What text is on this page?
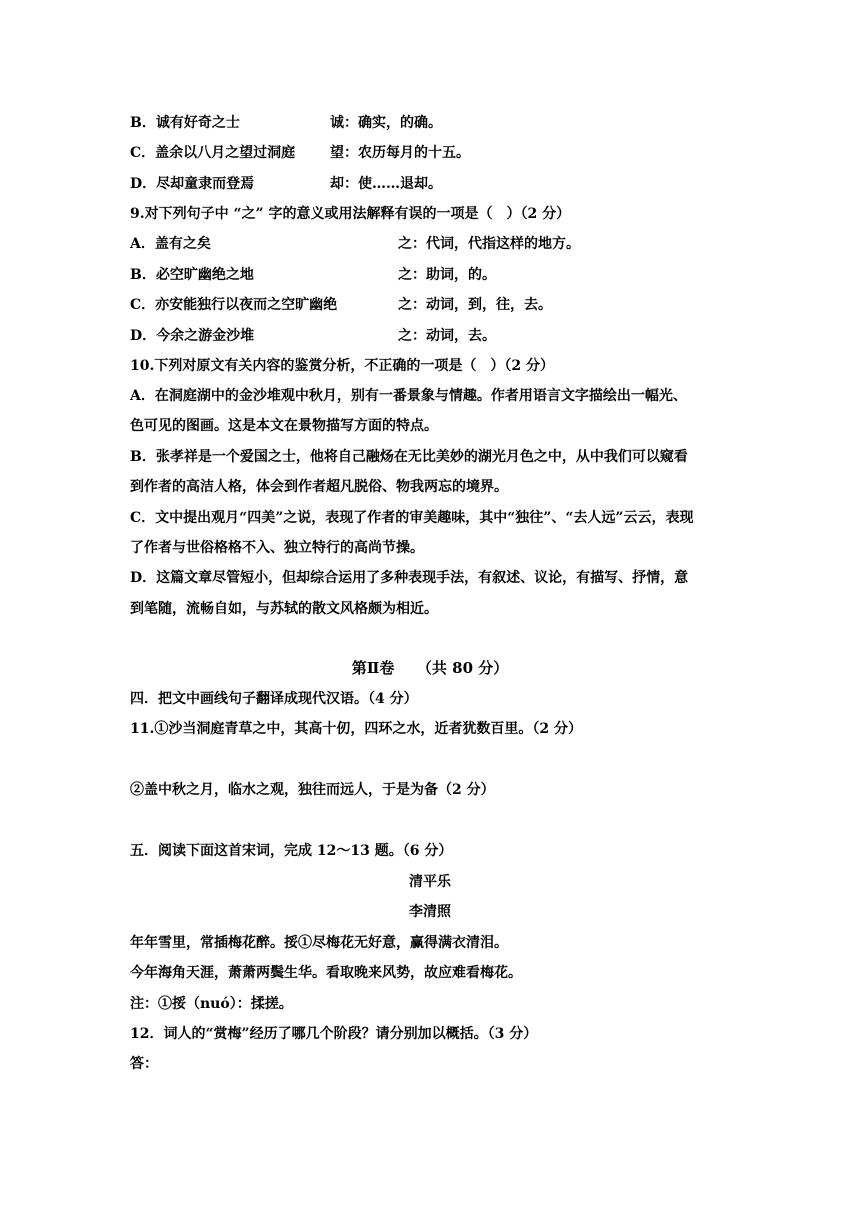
B．诚有好奇之士	诚：确实，的确。
C．盖余以八月之望过洞庭 望：农历每月的十五。
D．尽却童隶而登焉	却：使……退却。
9.对下列句子中 “之” 字的意义或用法解释有误的一项是（　）（2 分）
A．盖有之矣	之：代词，代指这样的地方。
B．必空旷幽绝之地	之：助词，的。
C．亦安能独行以夜而之空旷幽绝	之：动词，到，往，去。
D．今余之游金沙堆	之：动词，去。
10.下列对原文有关内容的鉴赏分析，不正确的一项是（　）（2 分）
A．在洞庭湖中的金沙堆观中秋月，别有一番景象与情趣。作者用语言文字描绘出一幅光、
色可见的图画。这是本文在景物描写方面的特点。
B．张孝祥是一个爱国之士，他将自己融炀在无比美妙的湖光月色之中，从中我们可以窥看
到作者的高洁人格，体会到作者超凡脱俗、物我两忘的境界。
C．文中提出观月“四美”之说，表现了作者的审美趣味，其中“独往”、“去人远”云云，表现
了作者与世俗格格不入、独立特行的高尚节操。
D．这篇文章尽管短小，但却综合运用了多种表现手法，有叙述、议论，有描写、抒情，意
到笔随，流畅自如，与苏轼的散文风格颇为相近。
第Ⅱ卷　　（共 80 分）
四．把文中画线句子翻译成现代汉语。（4 分）
11.①沙当洞庭青草之中，其高十仞，四环之水，近者犹数百里。（2 分）
②盖中秋之月，临水之观，独往而远人，于是为备（2 分）
五．阅读下面这首宋词，完成 12～13 题。（6 分）
清平乐
李清照
年年雪里，常插梅花醉。挼①尽梅花无好意，赢得满衣清泪。
今年海角天涯，萧萧两鬓生华。看取晚来风势，故应难看梅花。
注：①挼（nuó）：揉搓。
12．词人的“赏梅”经历了哪几个阶段？请分别加以概括。（3 分）
答：
